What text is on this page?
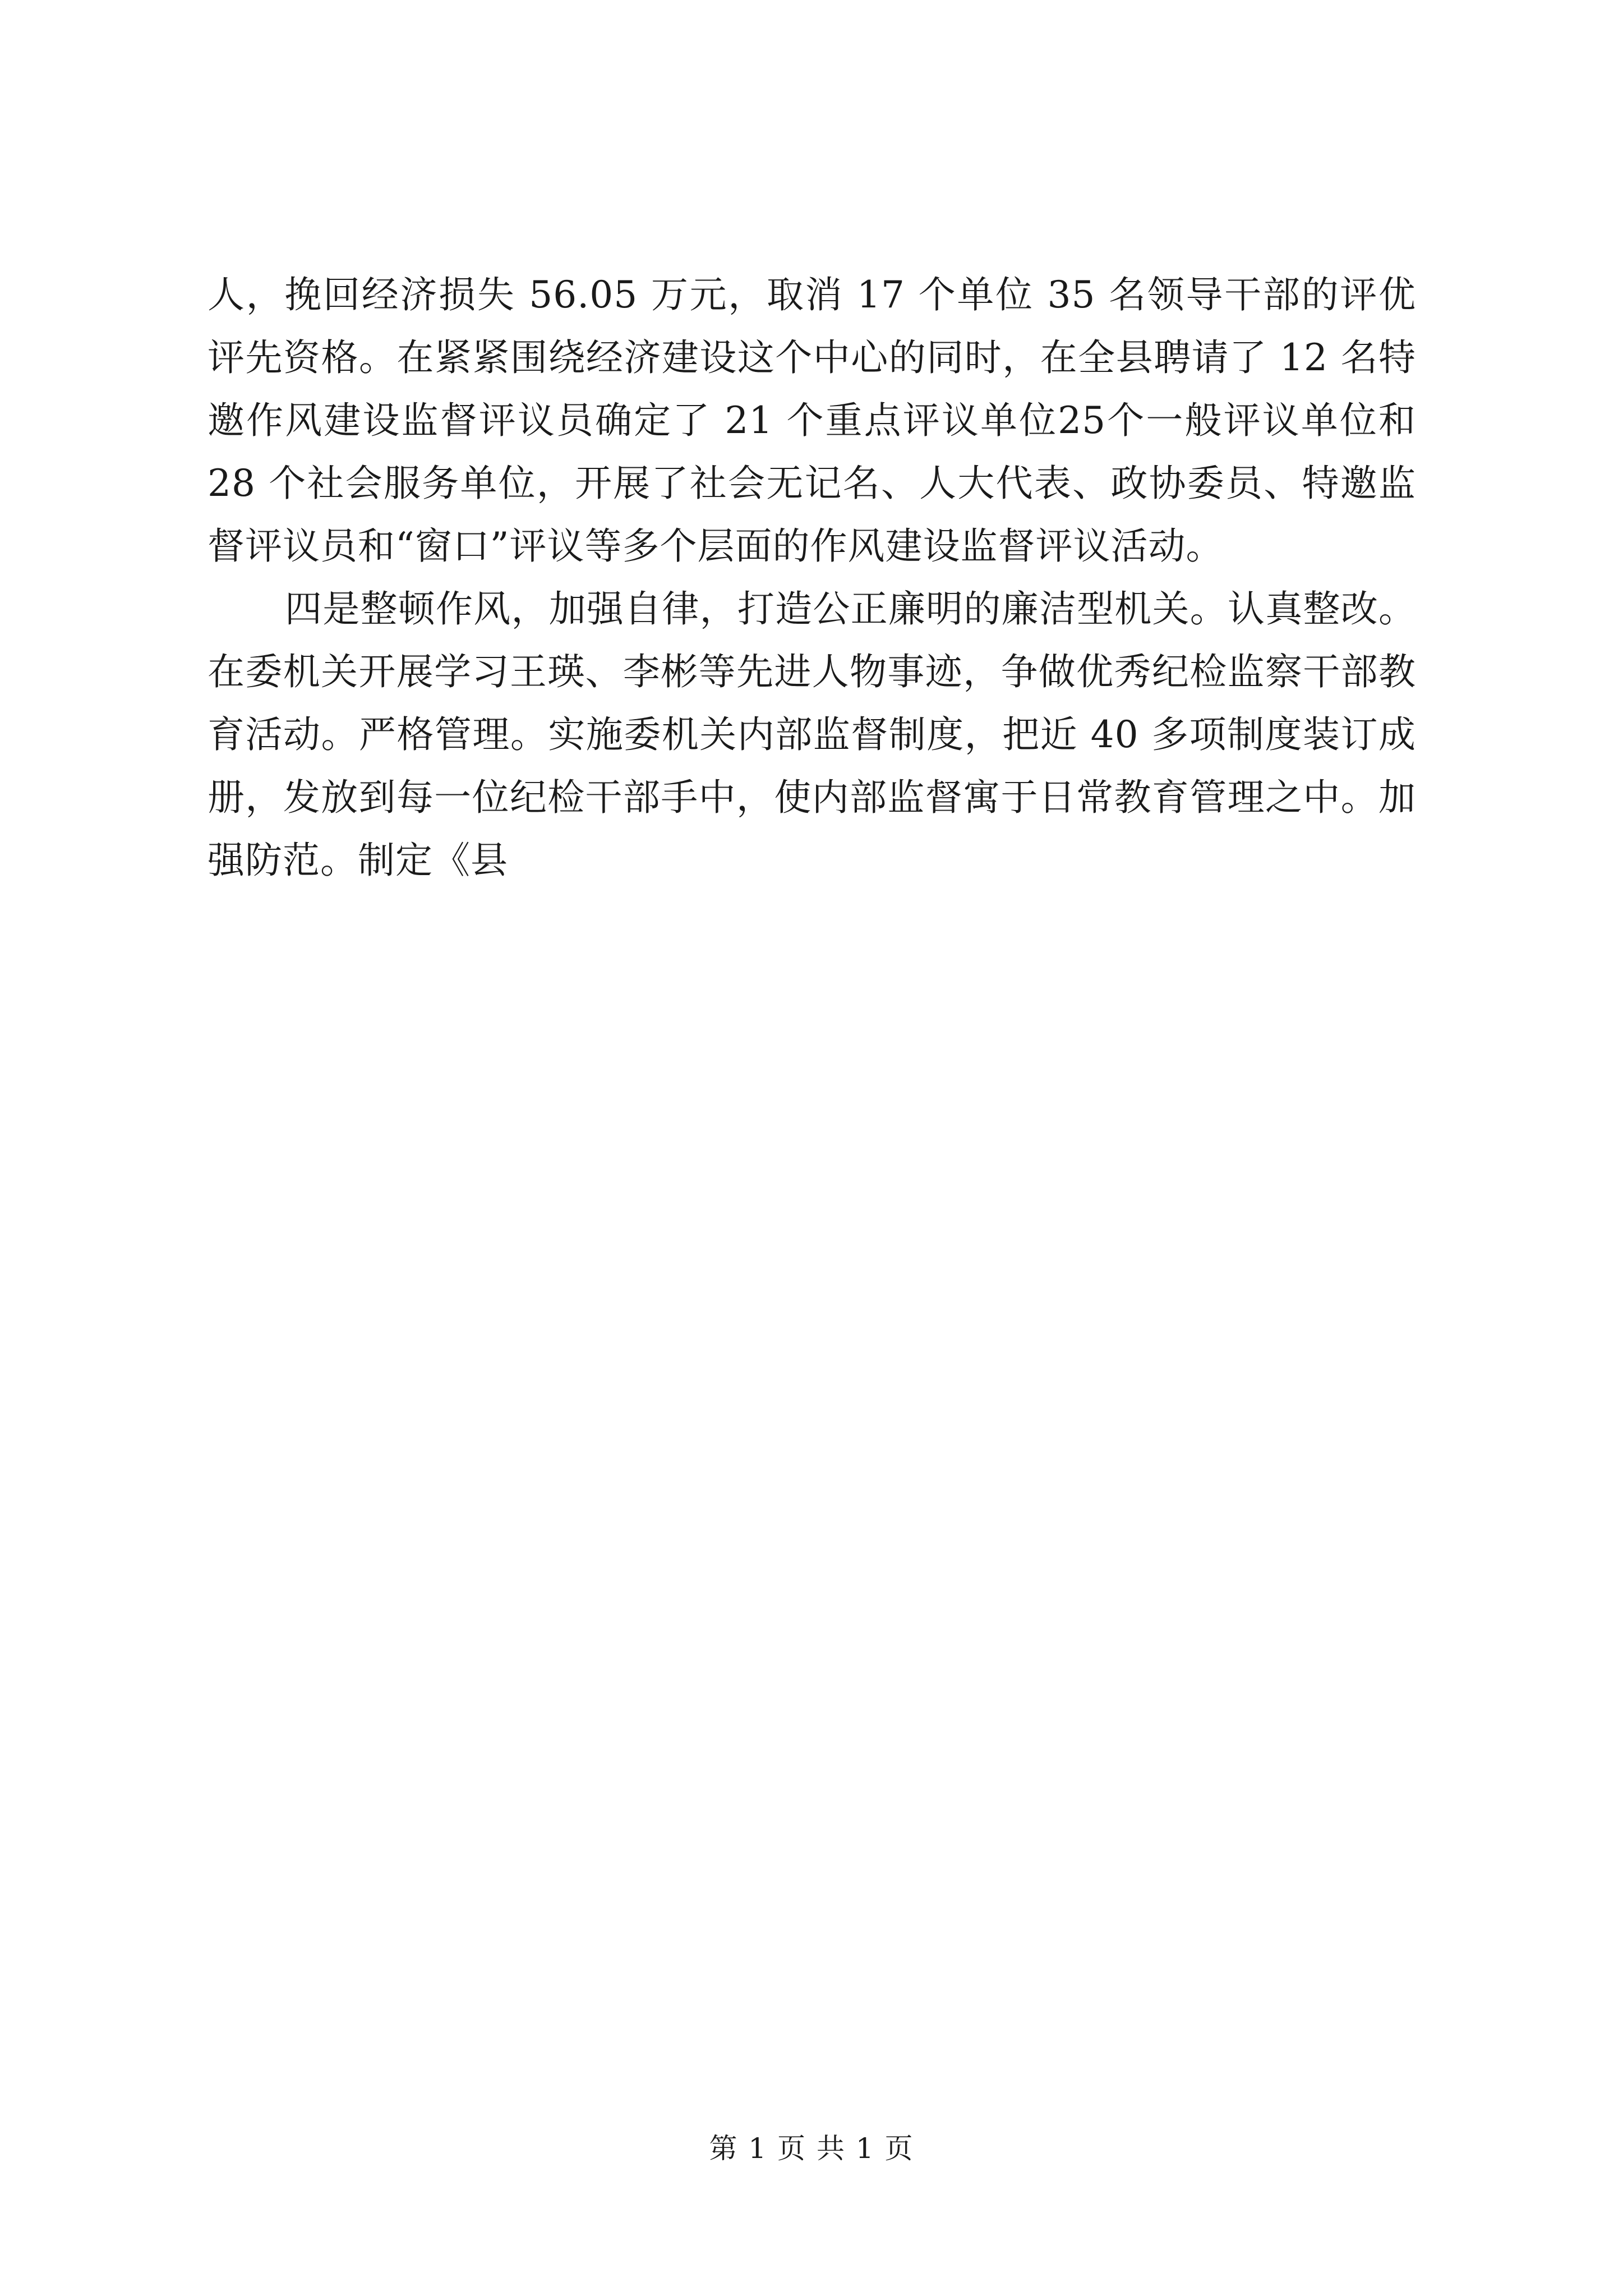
人，挽回经济损失 56.05 万元，取消 17 个单位 35 名领导干部的评优评先资格。在紧紧围绕经济建设这个中心的同时，在全县聘请了 12 名特邀作风建设监督评议员确定了 21 个重点评议单位25个一般评议单位和 28 个社会服务单位，开展了社会无记名、人大代表、政协委员、特邀监督评议员和“窗口”评议等多个层面的作风建设监督评议活动。

四是整顿作风，加强自律，打造公正廉明的廉洁型机关。认真整改。在委机关开展学习王瑛、李彬等先进人物事迹，争做优秀纪检监察干部教育活动。严格管理。实施委机关内部监督制度，把近 40 多项制度装订成册，发放到每一位纪检干部手中，使内部监督寓于日常教育管理之中。加强防范。制定《县

第 1 页 共 1 页
